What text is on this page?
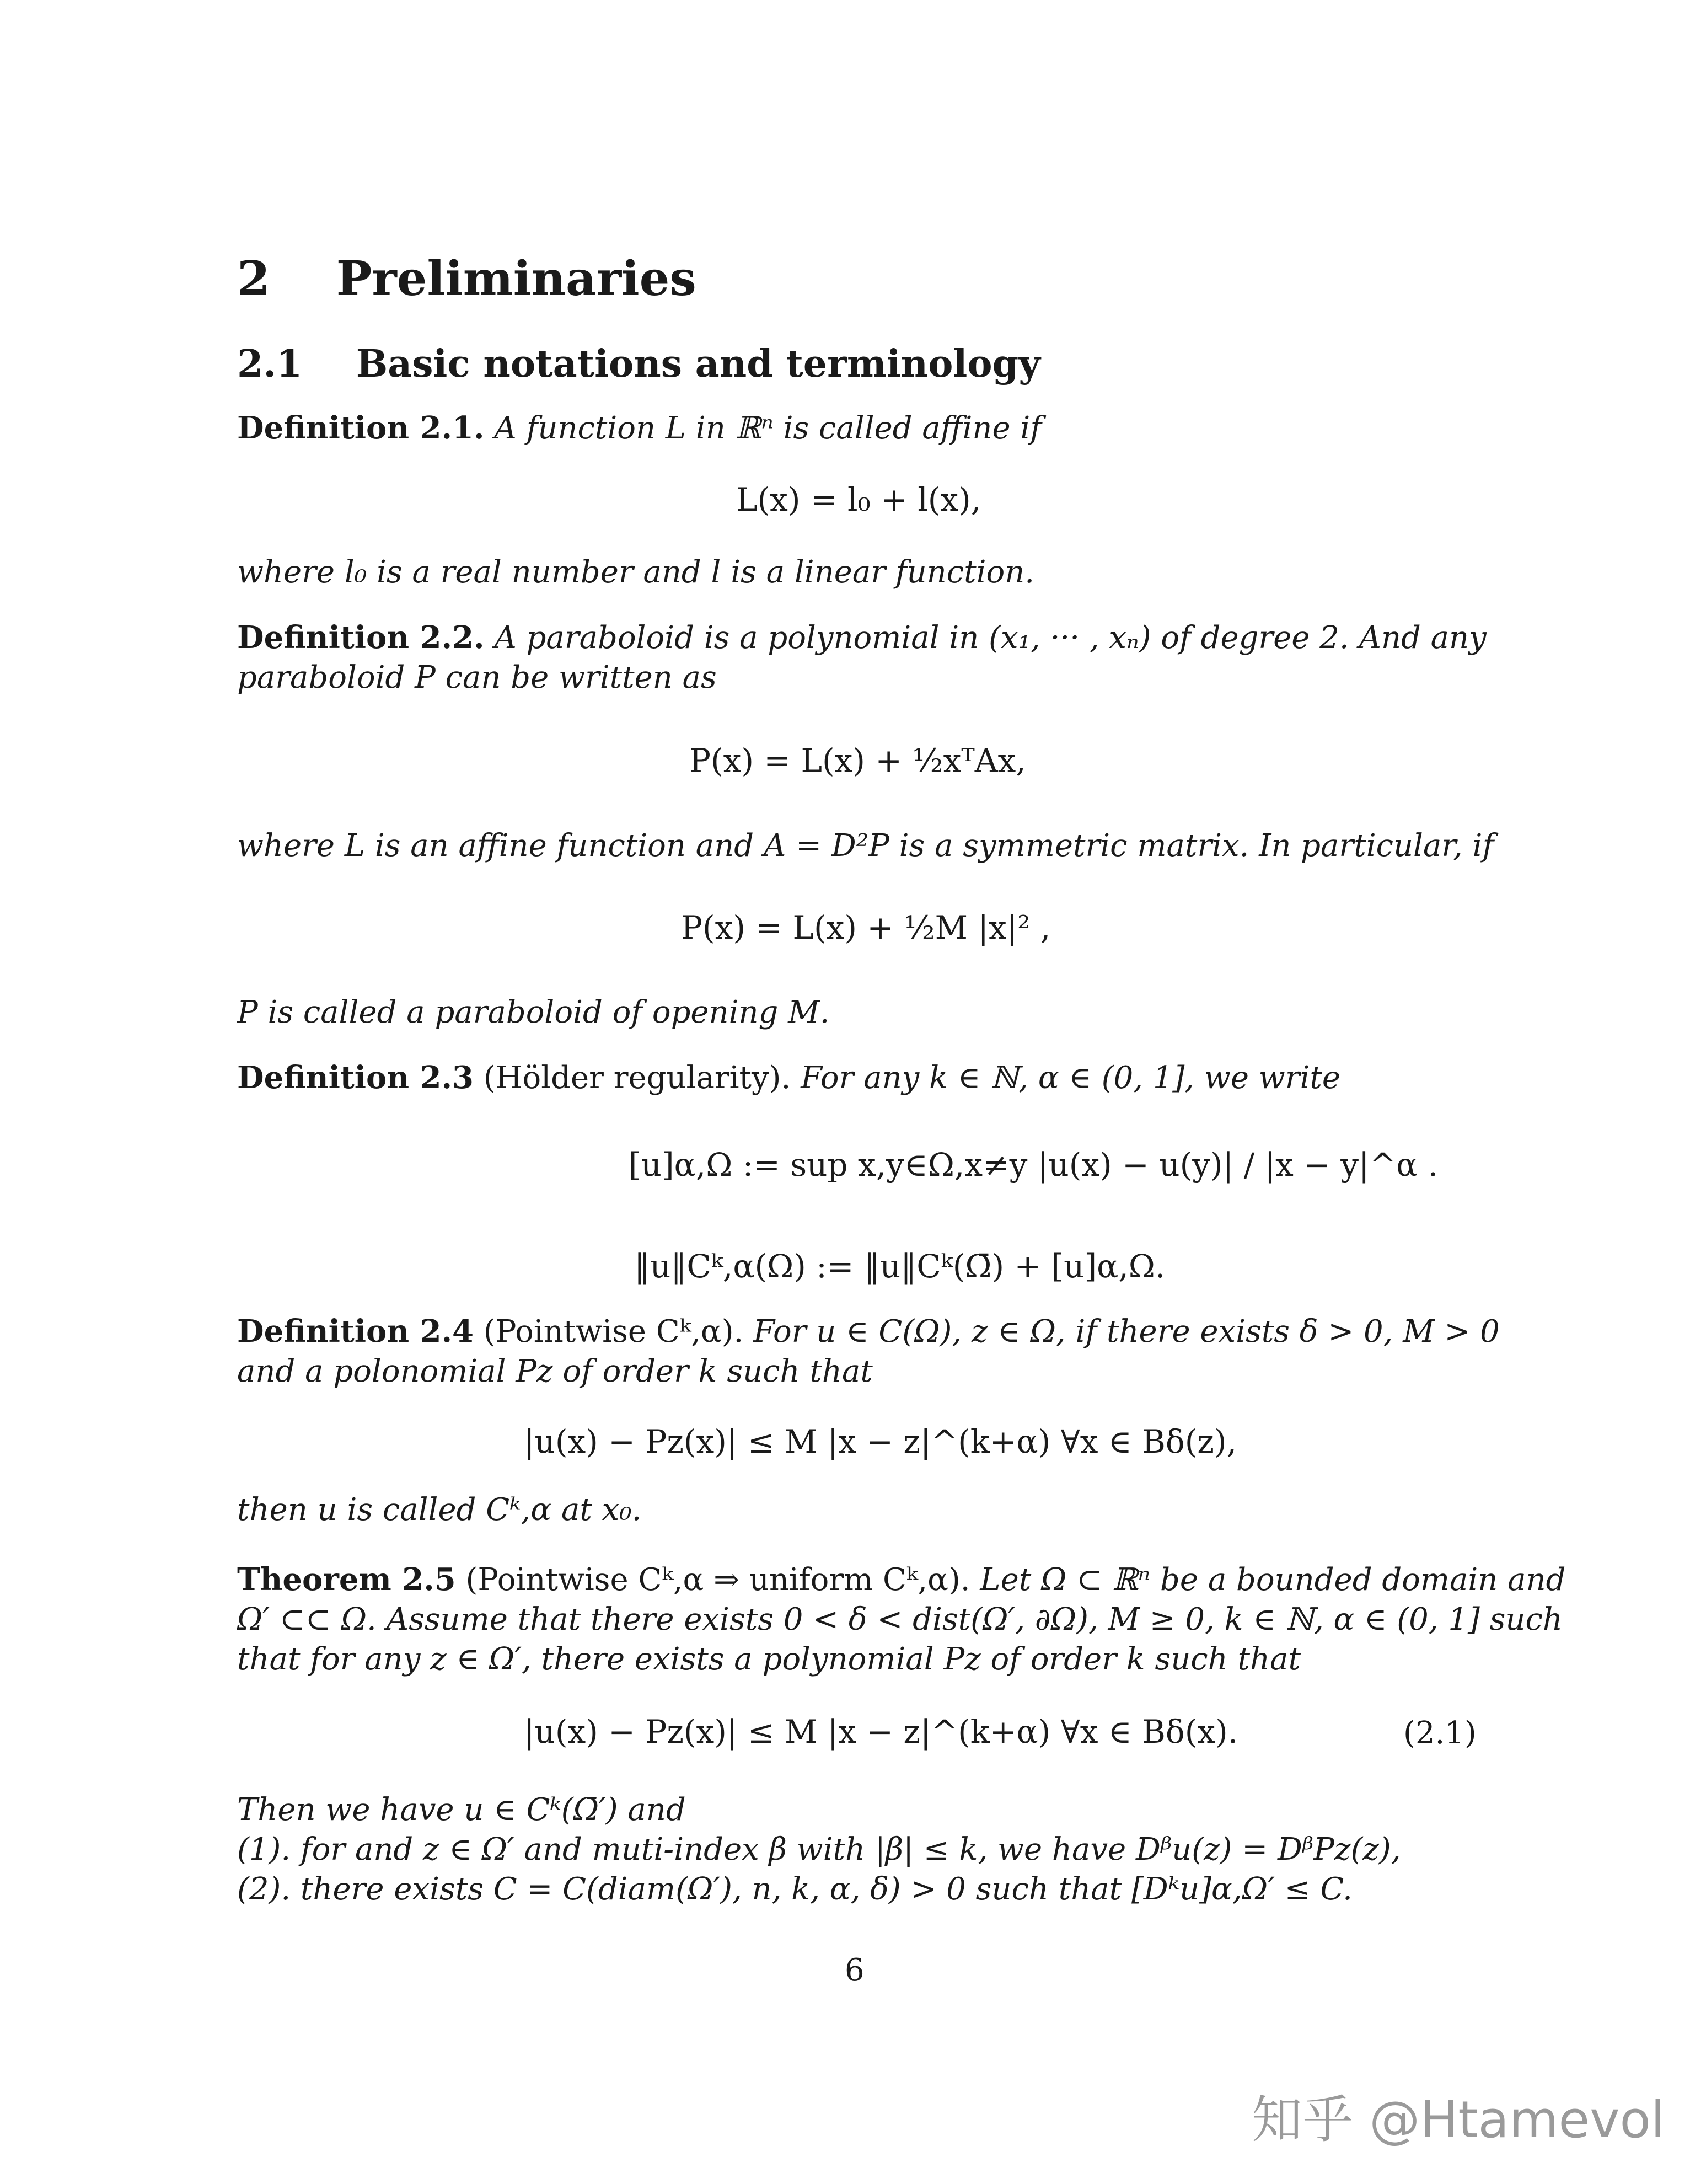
2 Preliminaries
2.1 Basic notations and terminology
Definition 2.1. A function L in ℝⁿ is called affine if
L(x) = l₀ + l(x),
where l₀ is a real number and l is a linear function.
Definition 2.2. A paraboloid is a polynomial in (x₁, ··· , xₙ) of degree 2. And any
paraboloid P can be written as
P(x) = L(x) + ½xᵀAx,
where L is an affine function and A = D²P is a symmetric matrix. In particular, if
P(x) = L(x) + ½M |x|² ,
P is called a paraboloid of opening M.
Definition 2.3 (Hölder regularity). For any k ∈ ℕ, α ∈ (0, 1], we write
[u]α,Ω := sup x,y∈Ω,x≠y |u(x) − u(y)| / |x − y|^α .
‖u‖Cᵏ,α(Ω) := ‖u‖Cᵏ(Ω̄) + [u]α,Ω.
Definition 2.4 (Pointwise Cᵏ,α). For u ∈ C(Ω), z ∈ Ω, if there exists δ > 0, M > 0
and a polonomial Pz of order k such that
|u(x) − Pz(x)| ≤ M |x − z|^(k+α) ∀x ∈ Bδ(z),
then u is called Cᵏ,α at x₀.
Theorem 2.5 (Pointwise Cᵏ,α ⇒ uniform Cᵏ,α). Let Ω ⊂ ℝⁿ be a bounded domain and
Ω′ ⊂⊂ Ω. Assume that there exists 0 < δ < dist(Ω′, ∂Ω), M ≥ 0, k ∈ ℕ, α ∈ (0, 1] such
that for any z ∈ Ω′, there exists a polynomial Pz of order k such that
|u(x) − Pz(x)| ≤ M |x − z|^(k+α) ∀x ∈ Bδ(x).	(2.1)
Then we have u ∈ Cᵏ(Ω̄′) and
(1). for and z ∈ Ω′ and muti-index β with |β| ≤ k, we have Dᵝu(z) = DᵝPz(z),
(2). there exists C = C(diam(Ω′), n, k, α, δ) > 0 such that [Dᵏu]α,Ω′ ≤ C.
6
知乎 @Htamevol
